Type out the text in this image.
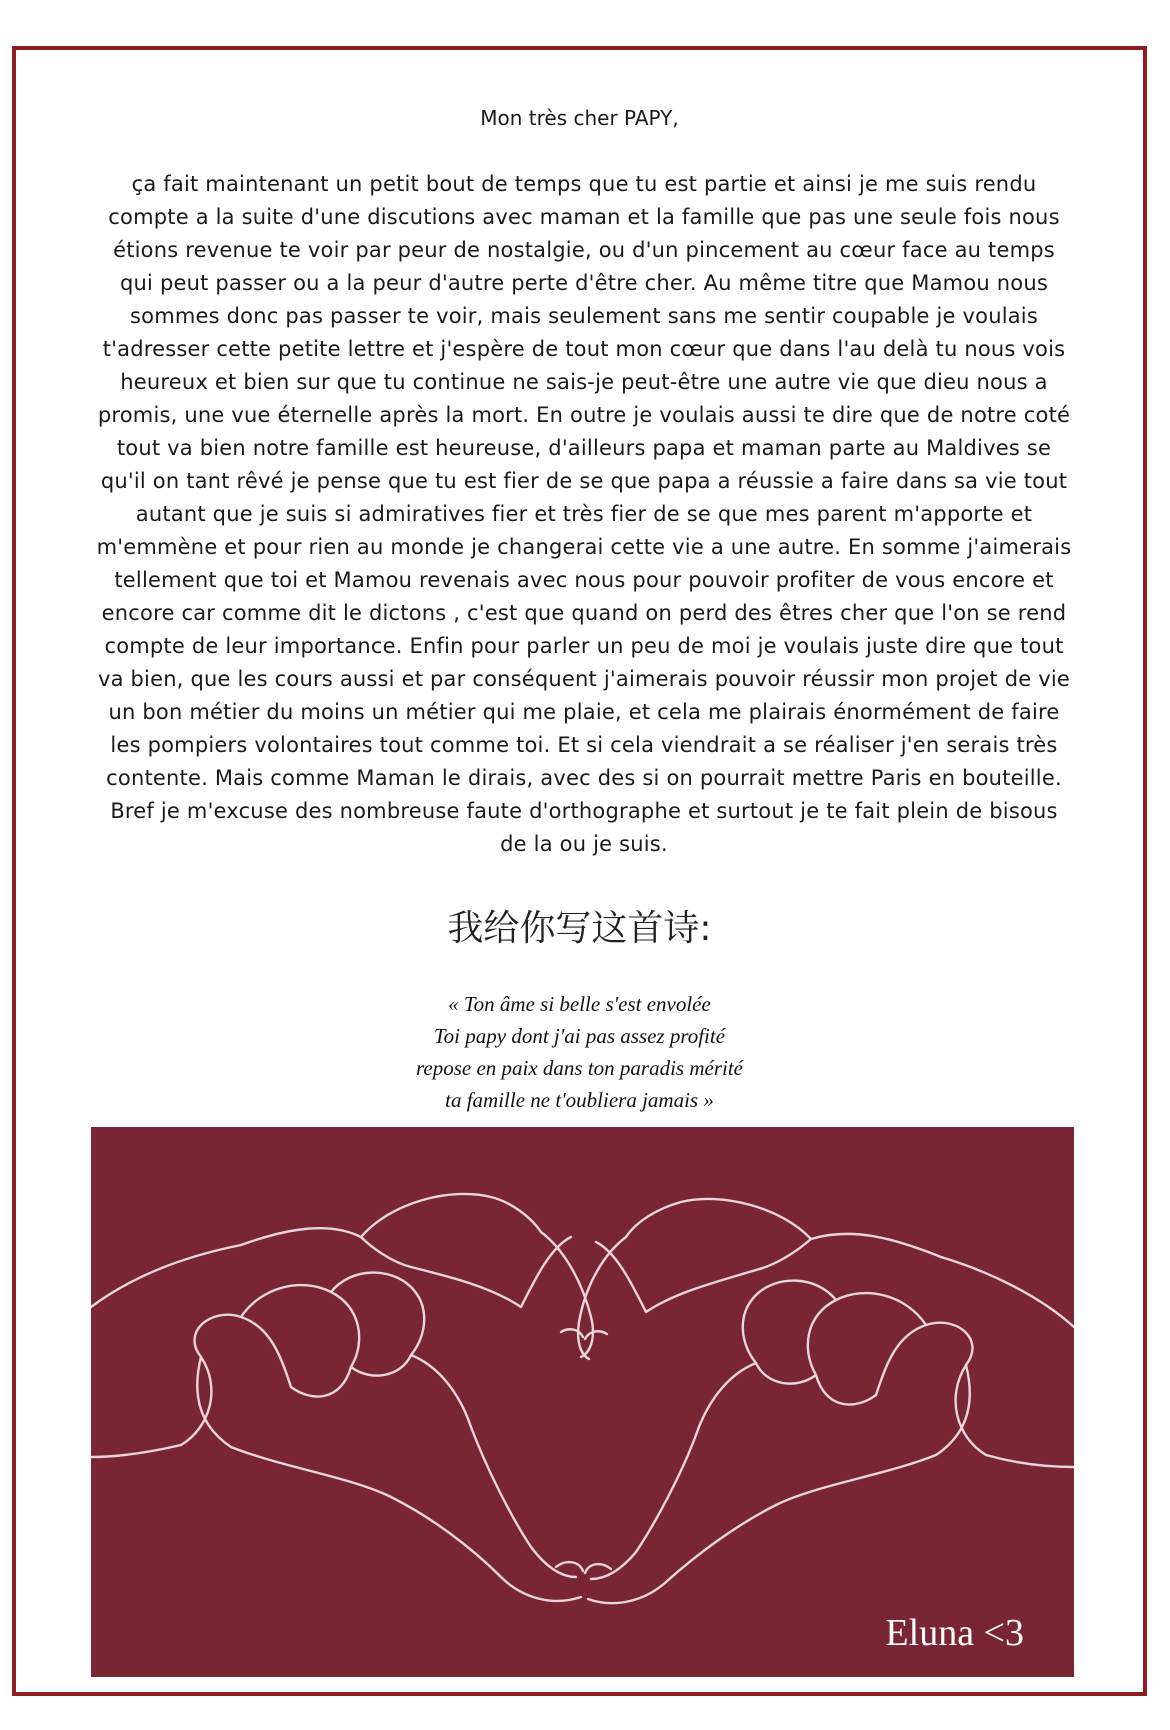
Mon très cher PAPY,
ça fait maintenant un petit bout de temps que tu est partie et ainsi je me suis rendu compte a la suite d'une discutions avec maman et la famille que pas une seule fois nous étions revenue te voir par peur de nostalgie, ou d'un pincement au cœur face au temps qui peut passer ou a la peur d'autre perte d'être cher. Au même titre que Mamou nous sommes donc pas passer te voir, mais seulement sans me sentir coupable je voulais t'adresser cette petite lettre et j'espère de tout mon cœur que dans l'au delà tu nous vois heureux et bien sur que tu continue ne sais-je peut-être une autre vie que dieu nous a promis, une vue éternelle après la mort. En outre je voulais aussi te dire que de notre coté tout va bien notre famille est heureuse, d'ailleurs papa et maman parte au Maldives se qu'il on tant rêvé je pense que tu est fier de se que papa a réussie a faire dans sa vie tout autant que je suis si admiratives fier et très fier de se que mes parent m'apporte et m'emmène et pour rien au monde je changerai cette vie a une autre. En somme j'aimerais tellement que toi et Mamou revenais avec nous pour pouvoir profiter de vous encore et encore car comme dit le dictons , c'est que quand on perd des êtres cher que l'on se rend compte de leur importance. Enfin pour parler un peu de moi je voulais juste dire que tout va bien, que les cours aussi et par conséquent j'aimerais pouvoir réussir mon projet de vie un bon métier du moins un métier qui me plaie, et cela me plairais énormément de faire les pompiers volontaires tout comme toi. Et si cela viendrait a se réaliser j'en serais très contente. Mais comme Maman le dirais, avec des si on pourrait mettre Paris en bouteille. Bref je m'excuse des nombreuse faute d'orthographe et surtout je te fait plein de bisous de la ou je suis.
我给你写这首诗:
« Ton âme si belle s'est envolée
Toi papy dont j'ai pas assez profité
repose en paix dans ton paradis mérité
ta famille ne t'oubliera jamais »
Eluna <3
